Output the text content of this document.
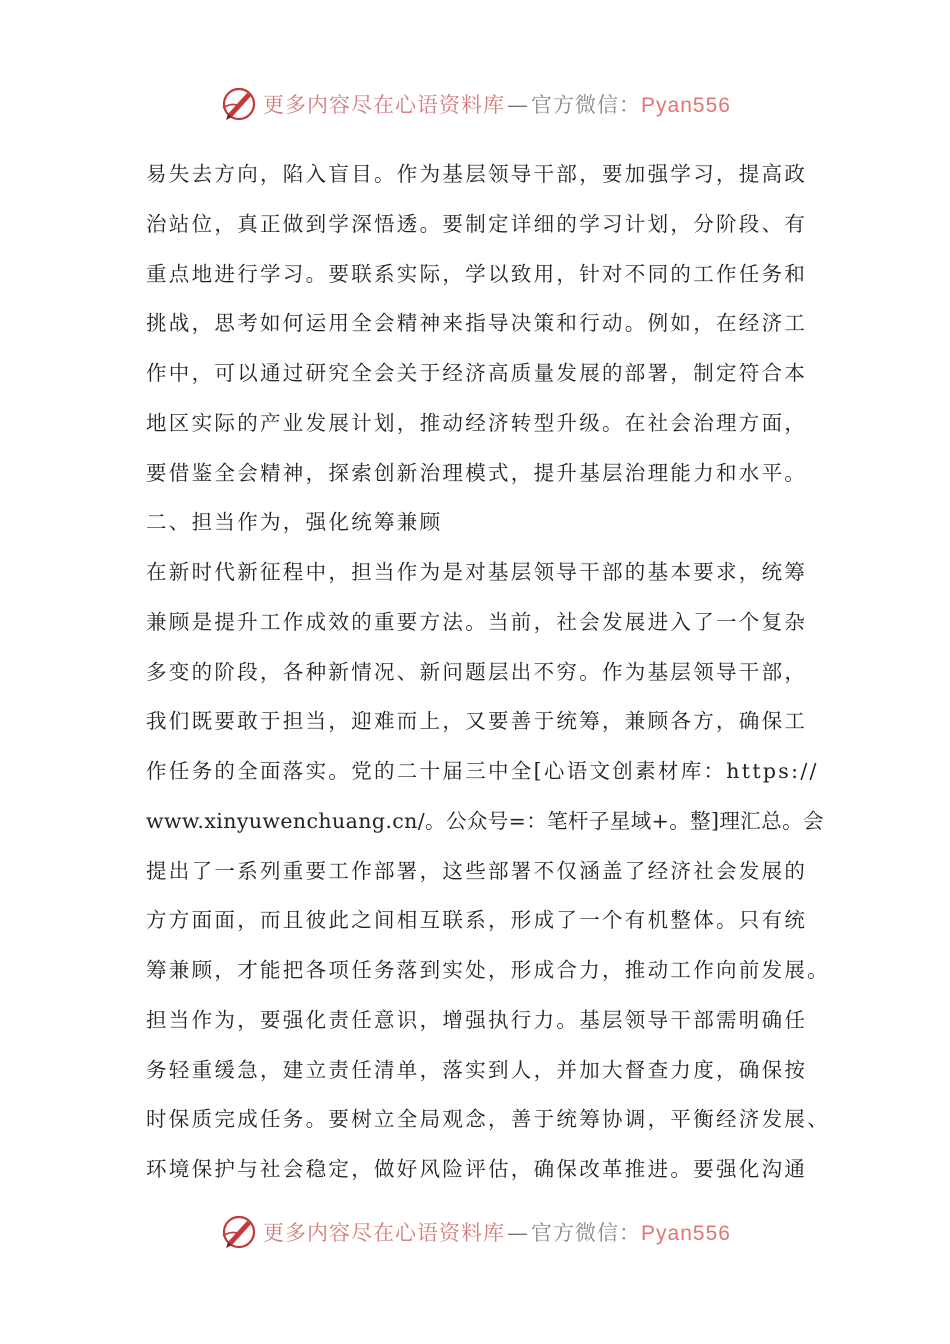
更多内容尽在心语资料库—官方微信：Pyan556
易失去方向，陷入盲目。作为基层领导干部，要加强学习，提高政
治站位，真正做到学深悟透。要制定详细的学习计划，分阶段、有
重点地进行学习。要联系实际，学以致用，针对不同的工作任务和
挑战，思考如何运用全会精神来指导决策和行动。例如，在经济工
作中，可以通过研究全会关于经济高质量发展的部署，制定符合本
地区实际的产业发展计划，推动经济转型升级。在社会治理方面，
要借鉴全会精神，探索创新治理模式，提升基层治理能力和水平。
二、担当作为，强化统筹兼顾
在新时代新征程中，担当作为是对基层领导干部的基本要求，统筹
兼顾是提升工作成效的重要方法。当前，社会发展进入了一个复杂
多变的阶段，各种新情况、新问题层出不穷。作为基层领导干部，
我们既要敢于担当，迎难而上，又要善于统筹，兼顾各方，确保工
作任务的全面落实。党的二十届三中全[心语文创素材库：https://
www.xinyuwenchuang.cn/。公众号=：笔杆子星域+。整]理汇总。会
提出了一系列重要工作部署，这些部署不仅涵盖了经济社会发展的
方方面面，而且彼此之间相互联系，形成了一个有机整体。只有统
筹兼顾，才能把各项任务落到实处，形成合力，推动工作向前发展。
担当作为，要强化责任意识，增强执行力。基层领导干部需明确任
务轻重缓急，建立责任清单，落实到人，并加大督查力度，确保按
时保质完成任务。要树立全局观念，善于统筹协调，平衡经济发展、
环境保护与社会稳定，做好风险评估，确保改革推进。要强化沟通
更多内容尽在心语资料库—官方微信：Pyan556
